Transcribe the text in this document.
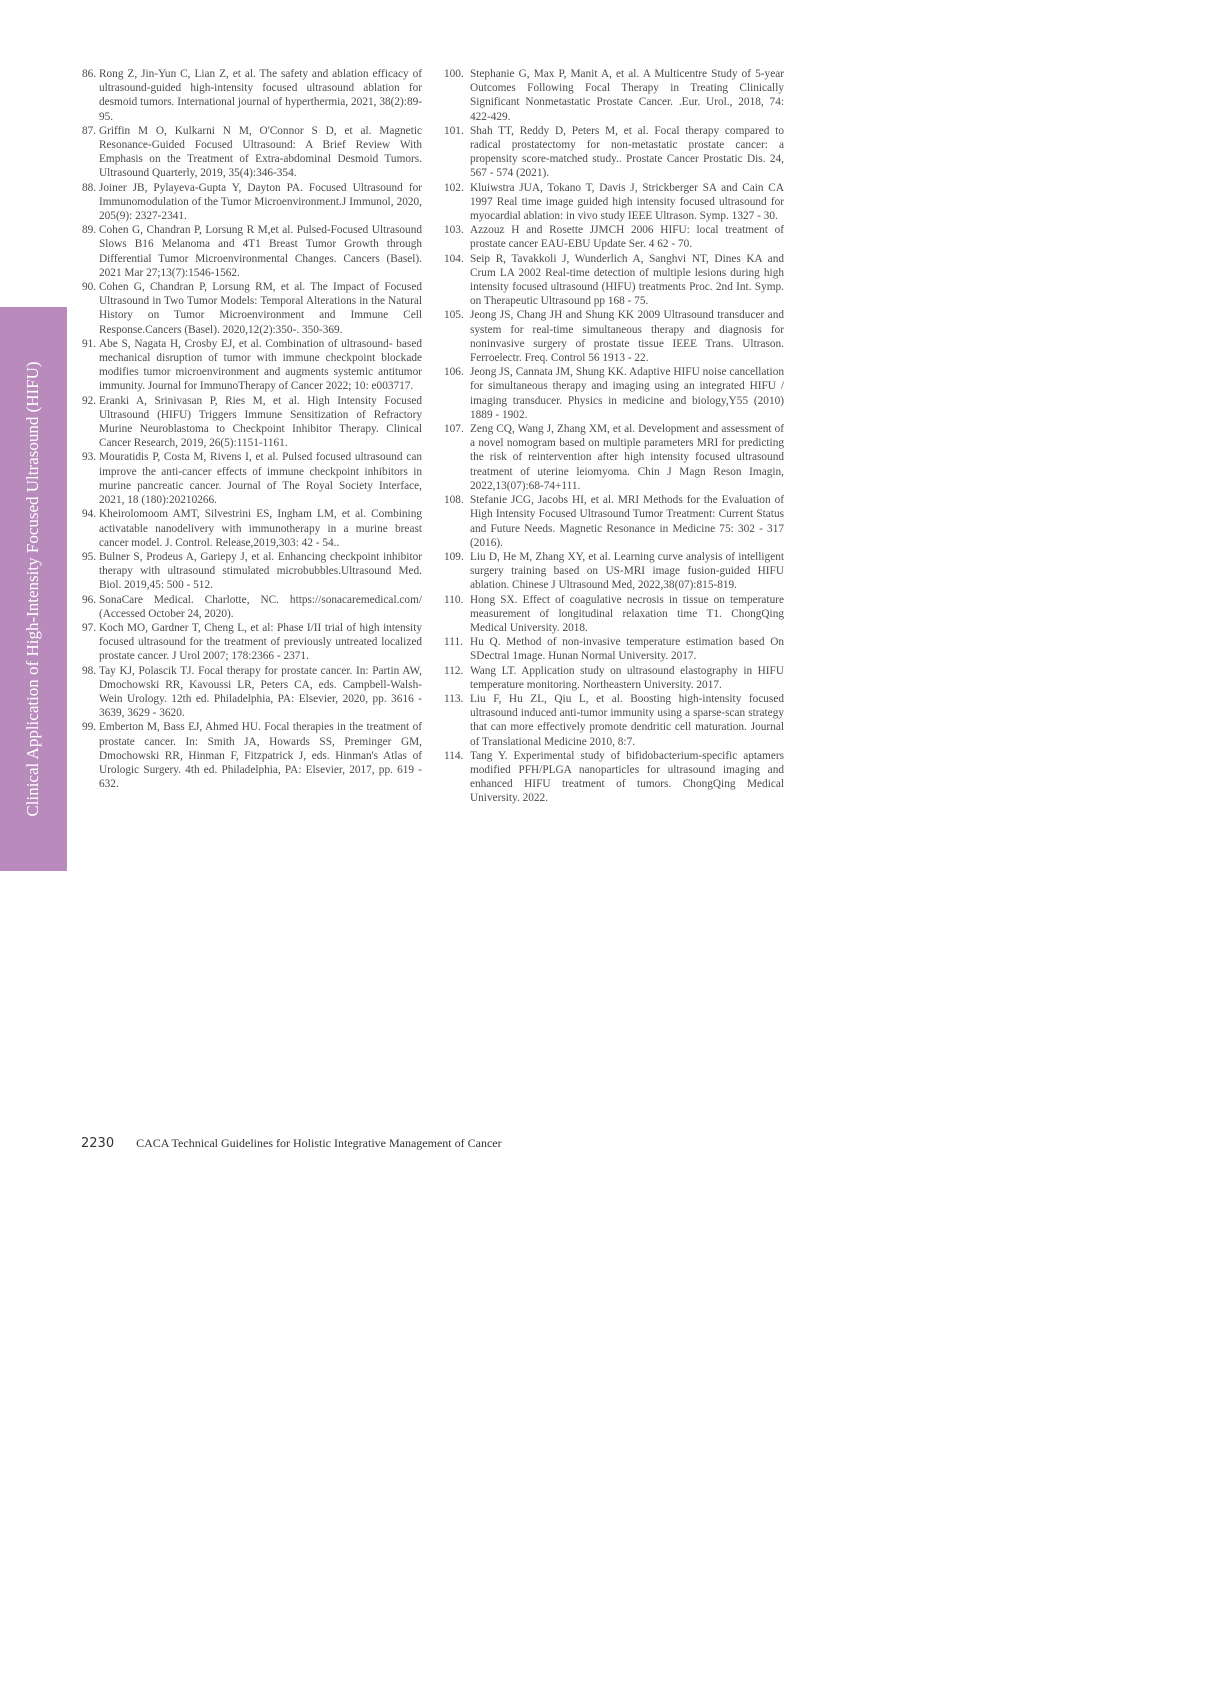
Clinical Application of High-Intensity Focused Ultrasound (HIFU)

86. Rong Z, Jin-Yun C, Lian Z, et al. The safety and ablation efficacy of ultrasound-guided high-intensity focused ultrasound ablation for desmoid tumors. International journal of hyperthermia, 2021, 38(2):89-95.

87. Griffin M O, Kulkarni N M, O'Connor S D, et al. Magnetic Resonance-Guided Focused Ultrasound: A Brief Review With Emphasis on the Treatment of Extra-abdominal Desmoid Tumors. Ultrasound Quarterly, 2019, 35(4):346-354.

88. Joiner JB, Pylayeva-Gupta Y, Dayton PA. Focused Ultrasound for Immunomodulation of the Tumor Microenvironment.J Immunol, 2020, 205(9): 2327-2341.

89. Cohen G, Chandran P, Lorsung R M,et al. Pulsed-Focused Ultrasound Slows B16 Melanoma and 4T1 Breast Tumor Growth through Differential Tumor Microenvironmental Changes. Cancers (Basel). 2021 Mar 27;13(7):1546-1562.

90. Cohen G, Chandran P, Lorsung RM, et al. The Impact of Focused Ultrasound in Two Tumor Models: Temporal Alterations in the Natural History on Tumor Microenvironment and Immune Cell Response.Cancers (Basel). 2020,12(2):350-. 350-369.

91. Abe S, Nagata H, Crosby EJ, et al. Combination of ultrasound- based mechanical disruption of tumor with immune checkpoint blockade modifies tumor microenvironment and augments systemic antitumor immunity. Journal for ImmunoTherapy of Cancer 2022; 10: e003717.

92. Eranki A, Srinivasan P, Ries M, et al. High Intensity Focused Ultrasound (HIFU) Triggers Immune Sensitization of Refractory Murine Neuroblastoma to Checkpoint Inhibitor Therapy. Clinical Cancer Research, 2019, 26(5):1151-1161.

93. Mouratidis P, Costa M, Rivens I, et al. Pulsed focused ultrasound can improve the anti-cancer effects of immune checkpoint inhibitors in murine pancreatic cancer. Journal of The Royal Society Interface, 2021, 18 (180):20210266.

94. Kheirolomoom AMT, Silvestrini ES, Ingham LM, et al. Combining activatable nanodelivery with immunotherapy in a murine breast cancer model. J. Control. Release,2019,303: 42 - 54..

95. Bulner S, Prodeus A, Gariepy J, et al. Enhancing checkpoint inhibitor therapy with ultrasound stimulated microbubbles.Ultrasound Med. Biol. 2019,45: 500 - 512.

96. SonaCare Medical. Charlotte, NC. https://sonacaremedical.com/ (Accessed October 24, 2020).

97. Koch MO, Gardner T, Cheng L, et al: Phase I/II trial of high intensity focused ultrasound for the treatment of previously untreated localized prostate cancer. J Urol 2007; 178:2366 - 2371.

98. Tay KJ, Polascik TJ. Focal therapy for prostate cancer. In: Partin AW, Dmochowski RR, Kavoussi LR, Peters CA, eds. Campbell-Walsh-Wein Urology. 12th ed. Philadelphia, PA: Elsevier, 2020, pp. 3616 - 3639, 3629 - 3620.

99. Emberton M, Bass EJ, Ahmed HU. Focal therapies in the treatment of prostate cancer. In: Smith JA, Howards SS, Preminger GM, Dmochowski RR, Hinman F, Fitzpatrick J, eds. Hinman's Atlas of Urologic Surgery. 4th ed. Philadelphia, PA: Elsevier, 2017, pp. 619 - 632.

100. Stephanie G, Max P, Manit A, et al. A Multicentre Study of 5-year Outcomes Following Focal Therapy in Treating Clinically Significant Nonmetastatic Prostate Cancer. .Eur. Urol., 2018, 74: 422-429.

101. Shah TT, Reddy D, Peters M, et al. Focal therapy compared to radical prostatectomy for non-metastatic prostate cancer: a propensity score-matched study.. Prostate Cancer Prostatic Dis. 24, 567 - 574 (2021).

102. Kluiwstra JUA, Tokano T, Davis J, Strickberger SA and Cain CA 1997 Real time image guided high intensity focused ultrasound for myocardial ablation: in vivo study IEEE Ultrason. Symp. 1327 - 30.

103. Azzouz H and Rosette JJMCH 2006 HIFU: local treatment of prostate cancer EAU-EBU Update Ser. 4 62 - 70.

104. Seip R, Tavakkoli J, Wunderlich A, Sanghvi NT, Dines KA and Crum LA 2002 Real-time detection of multiple lesions during high intensity focused ultrasound (HIFU) treatments Proc. 2nd Int. Symp. on Therapeutic Ultrasound pp 168 - 75.

105. Jeong JS, Chang JH and Shung KK 2009 Ultrasound transducer and system for real-time simultaneous therapy and diagnosis for noninvasive surgery of prostate tissue IEEE Trans. Ultrason. Ferroelectr. Freq. Control 56 1913 - 22.

106. Jeong JS, Cannata JM, Shung KK. Adaptive HIFU noise cancellation for simultaneous therapy and imaging using an integrated HIFU / imaging transducer. Physics in medicine and biology,Y55 (2010) 1889 - 1902.

107. Zeng CQ, Wang J, Zhang XM, et al. Development and assessment of a novel nomogram based on multiple parameters MRI for predicting the risk of reintervention after high intensity focused ultrasound treatment of uterine leiomyoma. Chin J Magn Reson Imagin, 2022,13(07):68-74+111.

108. Stefanie JCG, Jacobs HI, et al. MRI Methods for the Evaluation of High Intensity Focused Ultrasound Tumor Treatment: Current Status and Future Needs. Magnetic Resonance in Medicine 75: 302 - 317 (2016).

109. Liu D, He M, Zhang XY, et al. Learning curve analysis of intelligent surgery training based on US-MRI image fusion-guided HIFU ablation. Chinese J Ultrasound Med, 2022,38(07):815-819.

110. Hong SX. Effect of coagulative necrosis in tissue on temperature measurement of longitudinal relaxation time T1. ChongQing Medical University. 2018.

111. Hu Q. Method of non-invasive temperature estimation based On SDectral 1mage. Hunan Normal University. 2017.

112. Wang LT. Application study on ultrasound elastography in HIFU temperature monitoring. Northeastern University. 2017.

113. Liu F, Hu ZL, Qiu L, et al. Boosting high-intensity focused ultrasound induced anti-tumor immunity using a sparse-scan strategy that can more effectively promote dendritic cell maturation. Journal of Translational Medicine 2010, 8:7.

114. Tang Y. Experimental study of bifidobacterium-specific aptamers modified PFH/PLGA nanoparticles for ultrasound imaging and enhanced HIFU treatment of tumors. ChongQing Medical University. 2022.

2230 CACA Technical Guidelines for Holistic Integrative Management of Cancer
